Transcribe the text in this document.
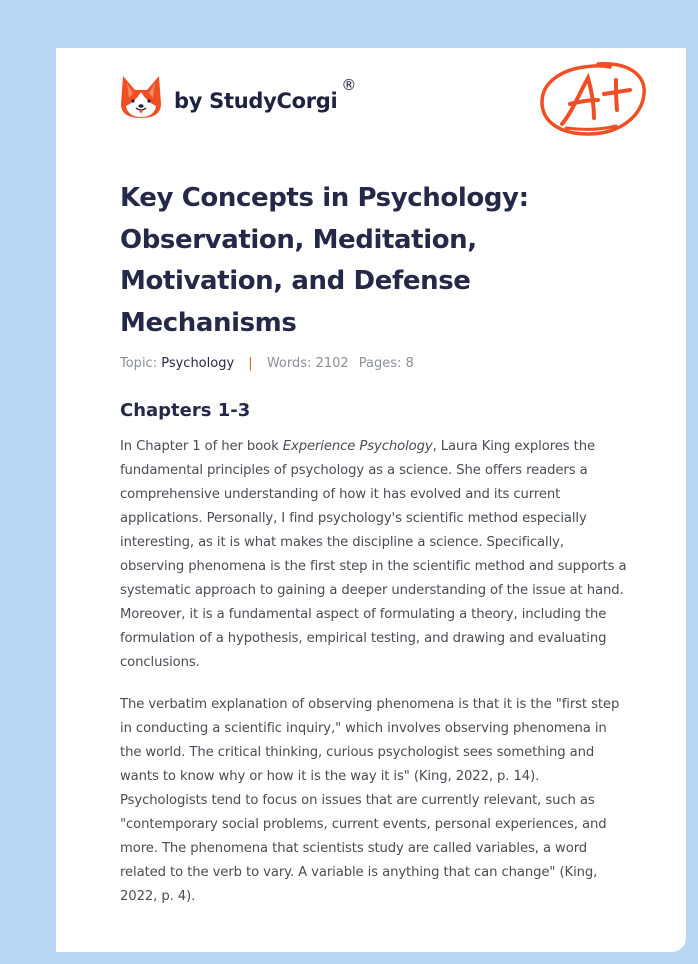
by StudyCorgi
®
Key Concepts in Psychology: Observation, Meditation, Motivation, and Defense Mechanisms
Topic: Psychology | Words: 2102 Pages: 8
Chapters 1-3

In Chapter 1 of her book Experience Psychology, Laura King explores the fundamental principles of psychology as a science. She offers readers a comprehensive understanding of how it has evolved and its current applications. Personally, I find psychology's scientific method especially interesting, as it is what makes the discipline a science. Specifically, observing phenomena is the first step in the scientific method and supports a systematic approach to gaining a deeper understanding of the issue at hand. Moreover, it is a fundamental aspect of formulating a theory, including the formulation of a hypothesis, empirical testing, and drawing and evaluating conclusions.

The verbatim explanation of observing phenomena is that it is the "first step in conducting a scientific inquiry," which involves observing phenomena in the world. The critical thinking, curious psychologist sees something and wants to know why or how it is the way it is" (King, 2022, p. 14). Psychologists tend to focus on issues that are currently relevant, such as "contemporary social problems, current events, personal experiences, and more. The phenomena that scientists study are called variables, a word related to the verb to vary. A variable is anything that can change" (King, 2022, p. 4).
